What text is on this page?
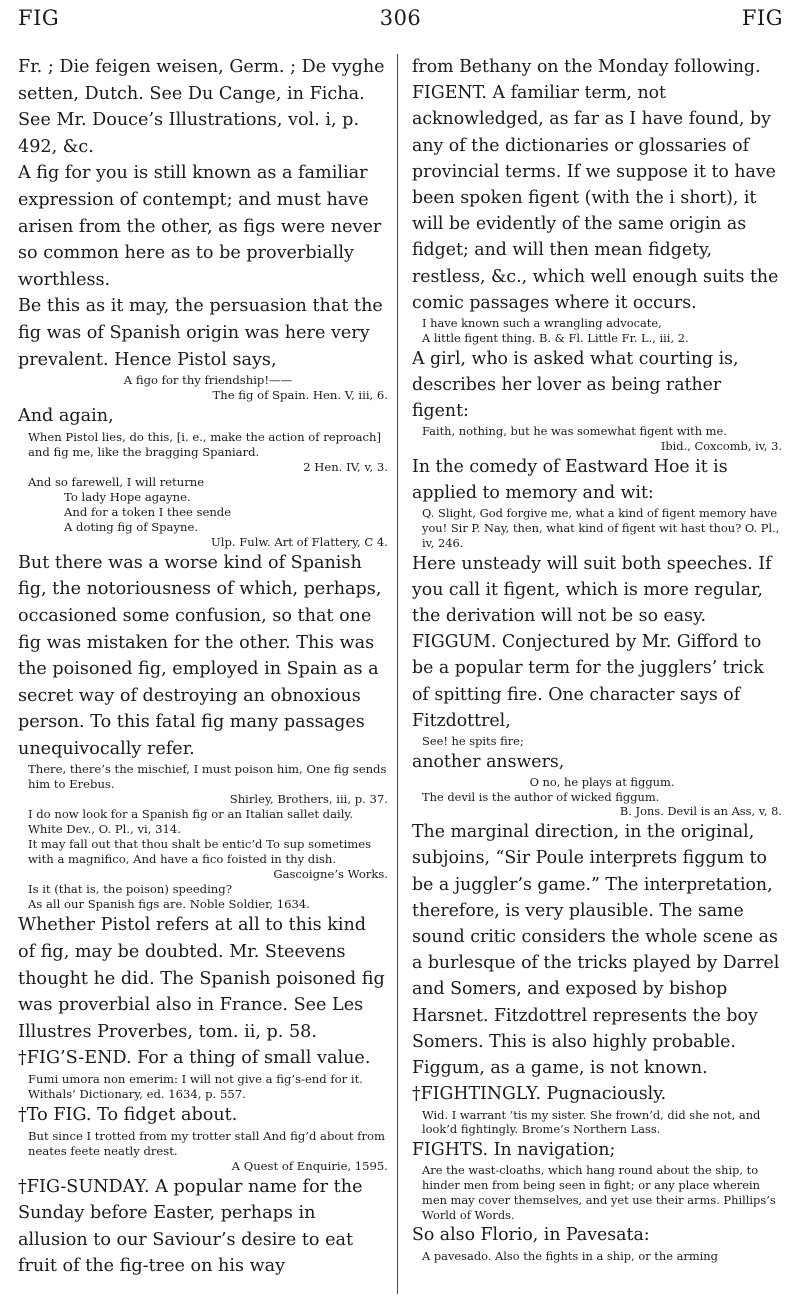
FIG	306	FIG
Fr. ; Die feigen weisen, Germ. ; De vyghe setten, Dutch. See Du Cange, in Ficha. See Mr. Douce’s Illustrations, vol. i, p. 492, &c.
A fig for you is still known as a familiar expression of contempt; and must have arisen from the other, as figs were never so common here as to be proverbially worthless.
Be this as it may, the persuasion that the fig was of Spanish origin was here very prevalent. Hence Pistol says,
A figo for thy friendship!——
The fig of Spain. Hen. V, iii, 6.
And again,
When Pistol lies, do this, [i. e., make the action of reproach] and fig me, like the bragging Spaniard.
2 Hen. IV, v, 3.
And so farewell, I will returne
To lady Hope agayne.
And for a token I thee sende
A doting fig of Spayne.
Ulp. Fulw. Art of Flattery, C 4.
But there was a worse kind of Spanish fig, the notoriousness of which, perhaps, occasioned some confusion, so that one fig was mistaken for the other. This was the poisoned fig, employed in Spain as a secret way of destroying an obnoxious person. To this fatal fig many passages unequivocally refer.
There, there’s the mischief, I must poison him, One fig sends him to Erebus.
Shirley, Brothers, iii, p. 37.
I do now look for a Spanish fig or an Italian sallet daily. White Dev., O. Pl., vi, 314.
It may fall out that thou shalt be entic’d To sup sometimes with a magnifico, And have a fico foisted in thy dish.
Gascoigne’s Works.
Is it (that is, the poison) speeding?
As all our Spanish figs are. Noble Soldier, 1634.
Whether Pistol refers at all to this kind of fig, may be doubted. Mr. Steevens thought he did. The Spanish poisoned fig was proverbial also in France. See Les Illustres Proverbes, tom. ii, p. 58.
†FIG’S-END. For a thing of small value.
Fumi umora non emerim: I will not give a fig’s-end for it. Withals’ Dictionary, ed. 1634, p. 557.
†To FIG. To fidget about.
But since I trotted from my trotter stall And fig’d about from neates feete neatly drest.
A Quest of Enquirie, 1595.
†FIG-SUNDAY. A popular name for the Sunday before Easter, perhaps in allusion to our Saviour’s desire to eat fruit of the fig-tree on his way
from Bethany on the Monday following.
FIGENT. A familiar term, not acknowledged, as far as I have found, by any of the dictionaries or glossaries of provincial terms. If we suppose it to have been spoken figent (with the i short), it will be evidently of the same origin as fidget; and will then mean fidgety, restless, &c., which well enough suits the comic passages where it occurs.
I have known such a wrangling advocate,
A little figent thing. B. & Fl. Little Fr. L., iii, 2.
A girl, who is asked what courting is, describes her lover as being rather figent:
Faith, nothing, but he was somewhat figent with me.
Ibid., Coxcomb, iv, 3.
In the comedy of Eastward Hoe it is applied to memory and wit:
Q. Slight, God forgive me, what a kind of figent memory have you! Sir P. Nay, then, what kind of figent wit hast thou? O. Pl., iv, 246.
Here unsteady will suit both speeches. If you call it figent, which is more regular, the derivation will not be so easy.
FIGGUM. Conjectured by Mr. Gifford to be a popular term for the jugglers’ trick of spitting fire. One character says of Fitzdottrel,
See! he spits fire;
another answers,
O no, he plays at figgum.
The devil is the author of wicked figgum.
B. Jons. Devil is an Ass, v, 8.
The marginal direction, in the original, subjoins, “Sir Poule interprets figgum to be a juggler’s game.” The interpretation, therefore, is very plausible. The same sound critic considers the whole scene as a burlesque of the tricks played by Darrel and Somers, and exposed by bishop Harsnet. Fitzdottrel represents the boy Somers. This is also highly probable. Figgum, as a game, is not known.
†FIGHTINGLY. Pugnaciously.
Wid. I warrant ’tis my sister. She frown’d, did she not, and look’d fightingly. Brome’s Northern Lass.
FIGHTS. In navigation;
Are the wast-cloaths, which hang round about the ship, to hinder men from being seen in fight; or any place wherein men may cover themselves, and yet use their arms. Phillips’s World of Words.
So also Florio, in Pavesata:
A pavesado. Also the fights in a ship, or the arming
